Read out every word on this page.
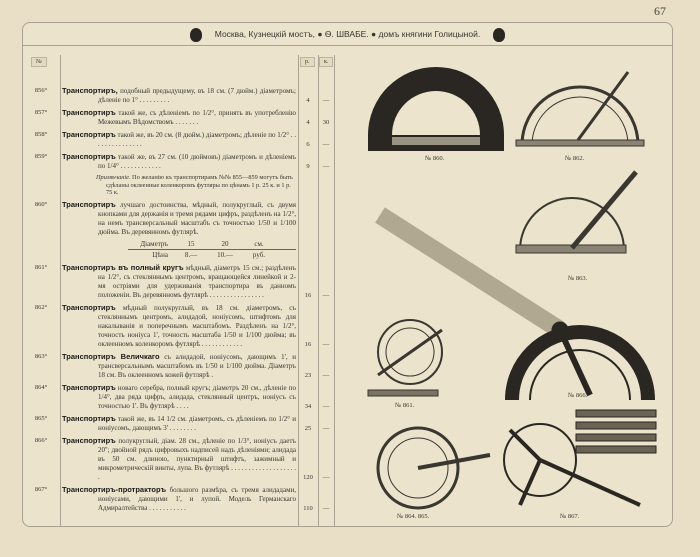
67
Москва, Кузнецкій мостъ, ● Ѳ. ШВАБЕ. ● домъ княгини Голицыной.
№	р.	к.
856°	Транспортиръ, подобный предыдущему, въ 18 см. (7 дюйм.) діаметромъ; дѣленіе по 1° . . . . . . . . .	4	—
857°	Транспортиръ такой же, съ дѣленіемъ по 1/2°, принять въ употребленію Межевымъ Вѣдомствомъ . . . . . . .	4	30
858°	Транспортиръ такой же, въ 20 см. (8 дюйм.) діаметромъ; дѣленіе по 1/2° . . . . . . . . . . . . . . .	6	—
859°	Транспортиръ такой же, въ 27 см. (10 дюймовъ) діаметромъ и дѣленіемъ по 1/4° . . . . . . . . . . . .	9	—
Примѣчаніе. По желанію къ транспортирамъ №№ 855—859 могутъ быть сдѣланы оклеенные коленкоромъ футляры по цѣнамъ 1 р. 25 к. и 1 р. 75 к.
860°	Транспортиръ лучшаго достоинства, мѣдный, полукруглый, съ двумя кнопками для держанія и тремя рядами цифръ, раздѣленъ на 1/2°, на немъ трансверсальный масштабъ съ точностью 1/50 и 1/100 дюйма. Въ деревянномъ футлярѣ.
Діаметръ	15	20	см.
Цѣна 8.—	10.—	руб.
861°	Транспортиръ въ полный кругъ мѣдный, діаметръ 15 см.; раздѣленъ на 1/2°, съ стекляннымъ центромъ, вращающейся линейкой и 2-мя остріями для удерживанія транспортира въ данномъ положеніи. Въ деревянномъ футлярѣ . . . . . . . . . . . . . . . .	16	—
862°	Транспортиръ мѣдный полукруглый, въ 18 см. діаметромъ, съ стекляннымъ центромъ, алидадой, ноніусомъ, штифтомъ для накалыванія и поперечнымъ масштабомъ. Раздѣленъ на 1/2°, точность ноніуса 1', точность масштаба 1/50 и 1/100 дюйма; въ оклеенномъ коленкоромъ футлярѣ . . . . . . . . . . . .	16	—
863°	Транспортиръ Величкаго съ алидадой, ноніусомъ, дающимъ 1', и трансверсальнымъ масштабомъ въ 1/50 и 1/100 дюйма. Діаметръ 18 см. Въ оклеенномъ кожей футлярѣ .	23	—
864°	Транспортиръ новаго серебра, полный кругъ; діаметръ 20 см., дѣленіе по 1/4°, два ряда цифръ, алидада, стеклянный центръ, ноніусъ съ точностью 1'. Въ футлярѣ . . . .	34	—
865°	Транспортиръ такой же, въ 14 1/2 см. діаметромъ, съ дѣленіемъ по 1/2° и ноніусомъ, дающимъ 3' . . . . . . . .	25	—
866°	Транспортиръ полукруглый, діам. 28 см., дѣленіе по 1/3°, ноніусъ даетъ 20''; двойной рядъ цифровыхъ надписей надъ дѣленіями; алидада въ 50 см. длиною, пунктирный штифтъ, зажимный и микрометрическій винты, лупа. Въ футлярѣ . . . . . . . . . . . . . . . . . . . .	120	—
867°	Транспортиръ-протракторъ большого размѣра, съ тремя алидадами, ноніусами, дающими 1', и лупой. Модель Германскаго Адмиралтейства . . . . . . . . . . .	110	—
№ 860.	№ 862.
№ 863.
№ 861.
№ 866.
№ 864. 865.	№ 867.
